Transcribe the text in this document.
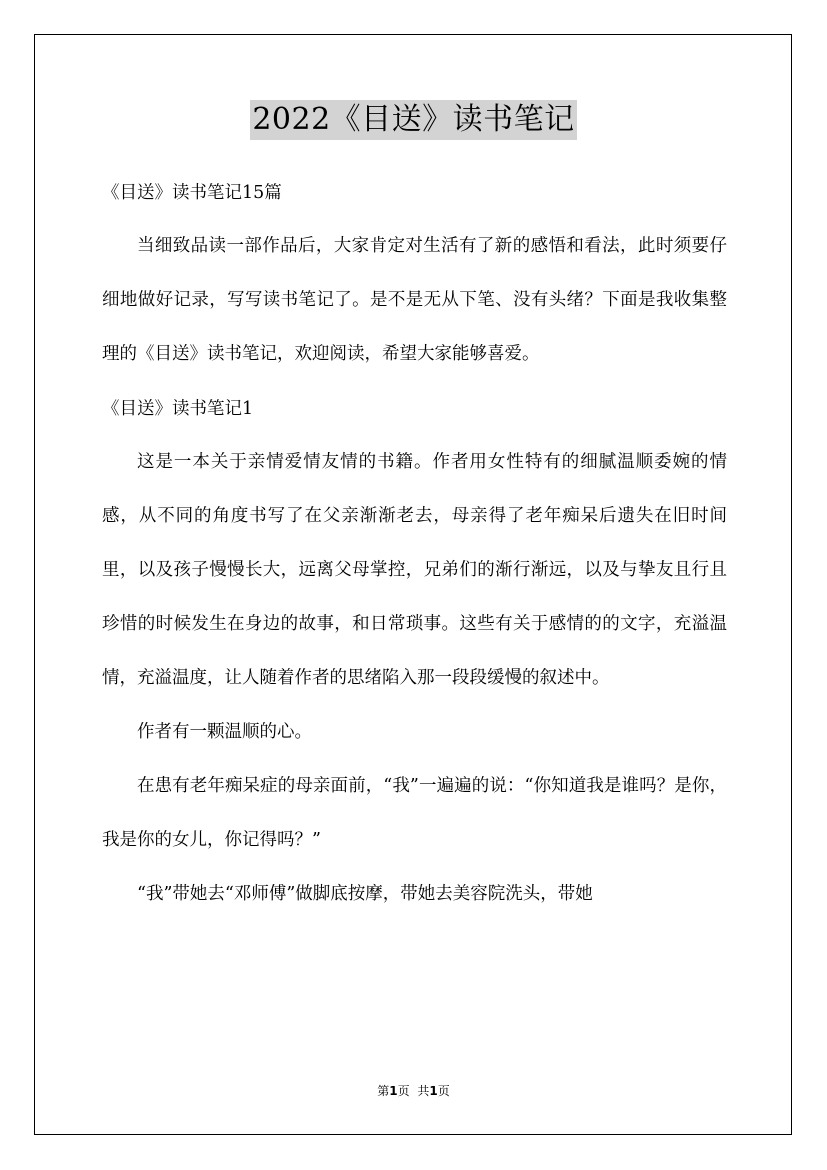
2022《目送》读书笔记
《目送》读书笔记15篇

当细致品读一部作品后，大家肯定对生活有了新的感悟和看法，此时须要仔细地做好记录，写写读书笔记了。是不是无从下笔、没有头绪？下面是我收集整理的《目送》读书笔记，欢迎阅读，希望大家能够喜爱。

《目送》读书笔记1

这是一本关于亲情爱情友情的书籍。作者用女性特有的细腻温顺委婉的情感，从不同的角度书写了在父亲渐渐老去，母亲得了老年痴呆后遗失在旧时间里，以及孩子慢慢长大，远离父母掌控，兄弟们的渐行渐远，以及与挚友且行且珍惜的时候发生在身边的故事，和日常琐事。这些有关于感情的的文字，充溢温情，充溢温度，让人随着作者的思绪陷入那一段段缓慢的叙述中。

作者有一颗温顺的心。

在患有老年痴呆症的母亲面前，“我”一遍遍的说：“你知道我是谁吗？是你，我是你的女儿，你记得吗？”

“我”带她去“邓师傅”做脚底按摩，带她去美容院洗头，带她

第1页 共1页
